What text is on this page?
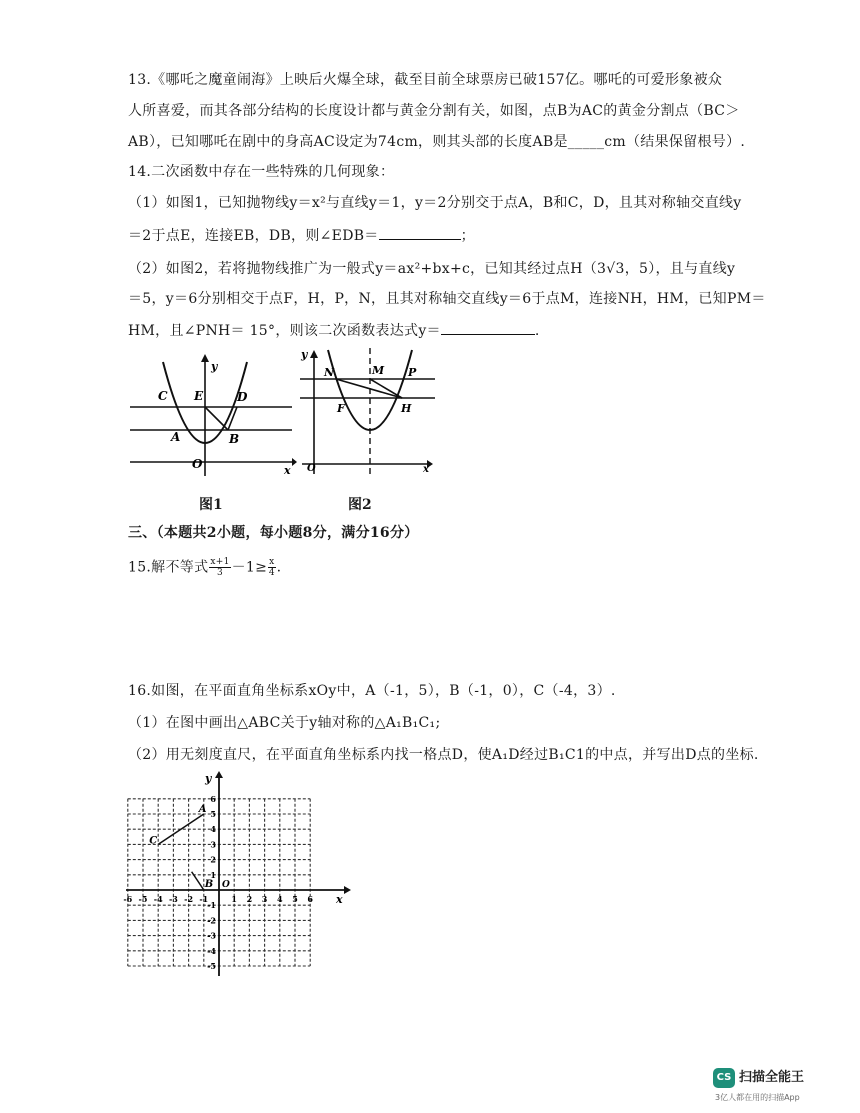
13.《哪吒之魔童闹海》上映后火爆全球，截至目前全球票房已破157亿。哪吒的可爱形象被众
人所喜爱，而其各部分结构的长度设计都与黄金分割有关，如图，点B为AC的黄金分割点（BC＞
AB），已知哪吒在剧中的身高AC设定为74cm，则其头部的长度AB是_____cm（结果保留根号）.
14.二次函数中存在一些特殊的几何现象：
（1）如图1，已知抛物线y＝x²与直线y＝1，y＝2分别交于点A，B和C，D，且其对称轴交直线y
＝2于点E，连接EB，DB，则∠EDB＝	；
（2）如图2，若将抛物线推广为一般式y＝ax²+bx+c，已知其经过点H（3√3，5），且与直线y
＝5，y＝6分别相交于点F，H，P，N，且其对称轴交直线y＝6于点M，连接NH，HM，已知PM＝
HM，且∠PNH＝ 15°，则该二次函数表达式y＝	.
y
C E	D
A	B
O	x
图1
y
N	M P
F	H
O	x
图2
三、（本题共2小题，每小题8分，满分16分）
15.解不等式 $\frac{x+1}{3} -1\ge \frac{x}{4}$ .
16.如图，在平面直角坐标系xOy中，A（-1，5），B（-1，0），C（-4，3）.
（1）在图中画出△ABC关于y轴对称的△A₁B₁C₁;
（2）用无刻度直尺，在平面直角坐标系内找一格点D，使A₁D经过B₁C1的中点，并写出D点的坐标.
y
x
O
-6 -5 -4 -3 -2 -1	1 2 3 4 5 6
6
5
4
3
2
1
-1
-2
-3
-4
-5
A
B
C
CS 扫描全能王
3亿人都在用的扫描App
